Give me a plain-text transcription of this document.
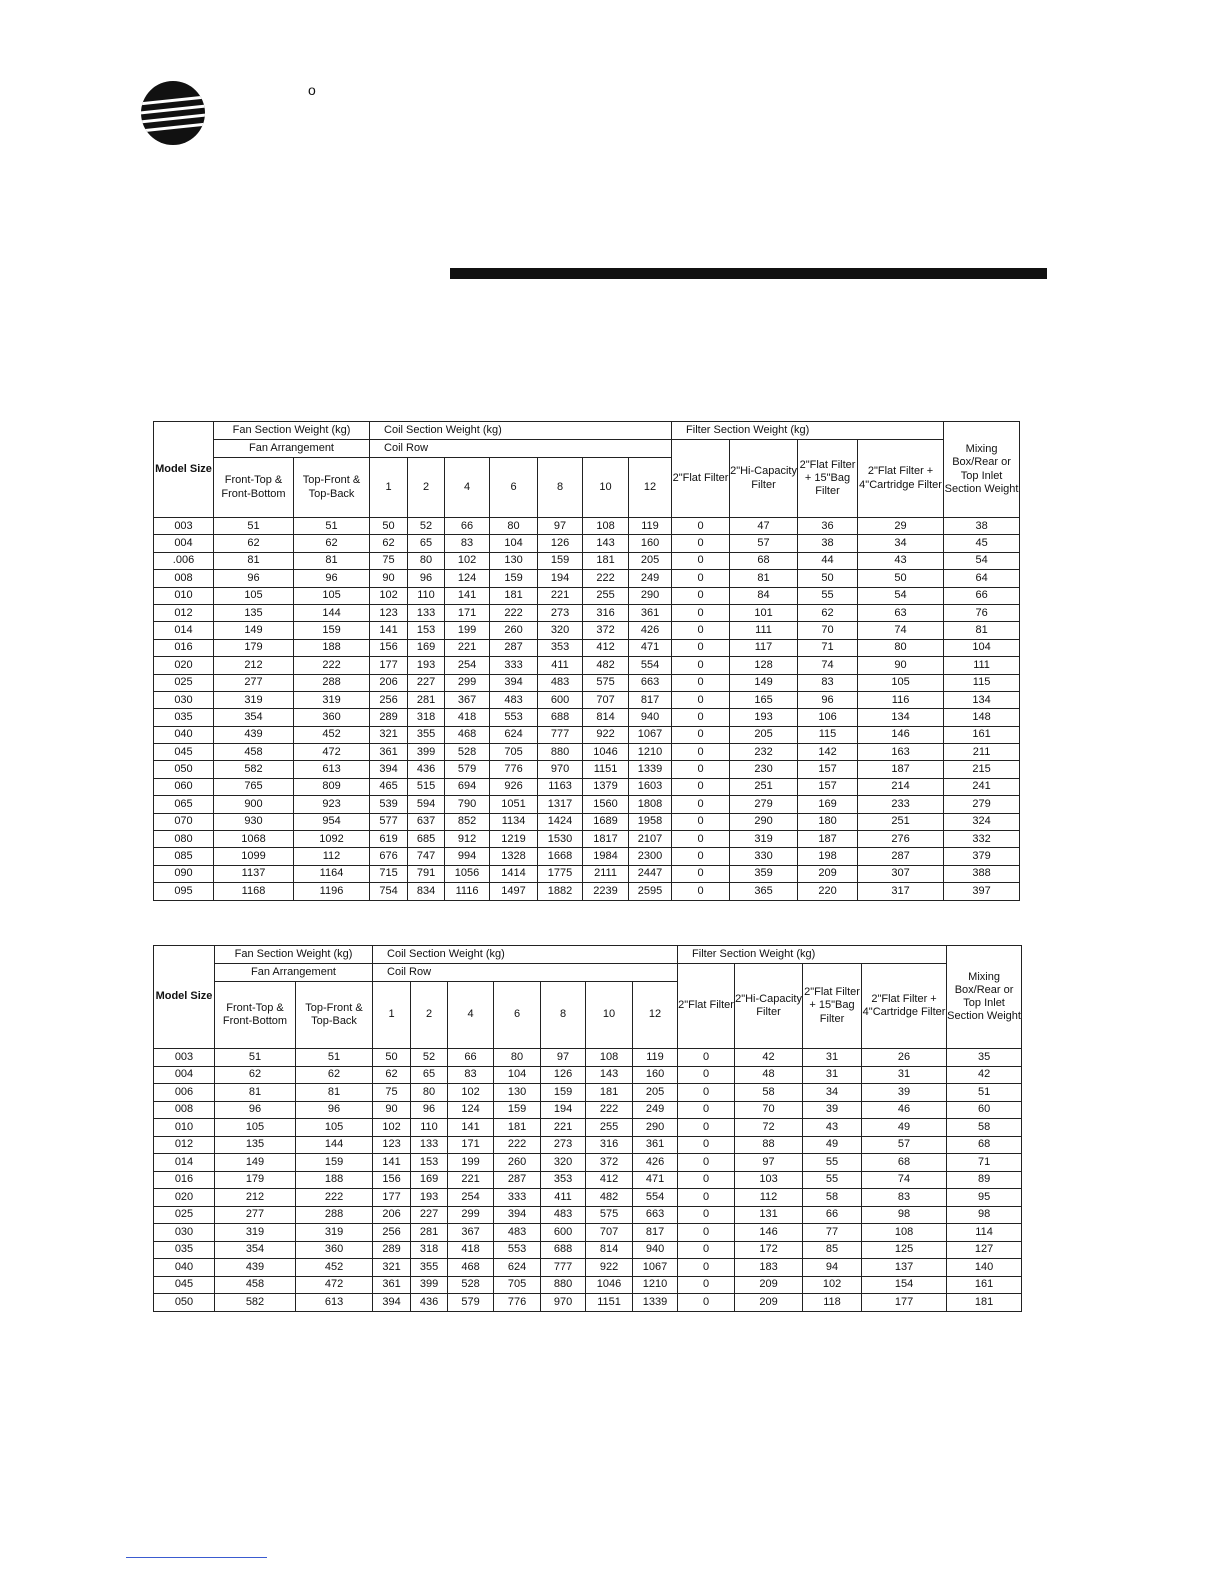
o
Model Size	Fan Section Weight (kg)		Coil Section Weight (kg)							Filter Section Weight (kg)				Mixing Box/Rear or Top Inlet Section Weight
	Fan Arrangement		Coil Row							2"Flat Filter	2"Hi-Capacity Filter	2"Flat Filter + 15"Bag Filter	2"Flat Filter + 4"Cartridge Filter	
	Front-Top & Front-Bottom	Top-Front & Top-Back	1	2	4	6	8	10	12					
003	51	51	50	52	66	80	97	108	119	0	47	36	29	38
004	62	62	62	65	83	104	126	143	160	0	57	38	34	45
.006	81	81	75	80	102	130	159	181	205	0	68	44	43	54
008	96	96	90	96	124	159	194	222	249	0	81	50	50	64
010	105	105	102	110	141	181	221	255	290	0	84	55	54	66
012	135	144	123	133	171	222	273	316	361	0	101	62	63	76
014	149	159	141	153	199	260	320	372	426	0	111	70	74	81
016	179	188	156	169	221	287	353	412	471	0	117	71	80	104
020	212	222	177	193	254	333	411	482	554	0	128	74	90	111
025	277	288	206	227	299	394	483	575	663	0	149	83	105	115
030	319	319	256	281	367	483	600	707	817	0	165	96	116	134
035	354	360	289	318	418	553	688	814	940	0	193	106	134	148
040	439	452	321	355	468	624	777	922	1067	0	205	115	146	161
045	458	472	361	399	528	705	880	1046	1210	0	232	142	163	211
050	582	613	394	436	579	776	970	1151	1339	0	230	157	187	215
060	765	809	465	515	694	926	1163	1379	1603	0	251	157	214	241
065	900	923	539	594	790	1051	1317	1560	1808	0	279	169	233	279
070	930	954	577	637	852	1134	1424	1689	1958	0	290	180	251	324
080	1068	1092	619	685	912	1219	1530	1817	2107	0	319	187	276	332
085	1099	112	676	747	994	1328	1668	1984	2300	0	330	198	287	379
090	1137	1164	715	791	1056	1414	1775	2111	2447	0	359	209	307	388
095	1168	1196	754	834	1116	1497	1882	2239	2595	0	365	220	317	397
Model Size	Fan Section Weight (kg)		Coil Section Weight (kg)							Filter Section Weight (kg)				Mixing Box/Rear or Top Inlet Section Weight
	Fan Arrangement		Coil Row							2"Flat Filter	2"Hi-Capacity Filter	2"Flat Filter + 15"Bag Filter	2"Flat Filter + 4"Cartridge Filter	
	Front-Top & Front-Bottom	Top-Front & Top-Back	1	2	4	6	8	10	12					
003	51	51	50	52	66	80	97	108	119	0	42	31	26	35
004	62	62	62	65	83	104	126	143	160	0	48	31	31	42
006	81	81	75	80	102	130	159	181	205	0	58	34	39	51
008	96	96	90	96	124	159	194	222	249	0	70	39	46	60
010	105	105	102	110	141	181	221	255	290	0	72	43	49	58
012	135	144	123	133	171	222	273	316	361	0	88	49	57	68
014	149	159	141	153	199	260	320	372	426	0	97	55	68	71
016	179	188	156	169	221	287	353	412	471	0	103	55	74	89
020	212	222	177	193	254	333	411	482	554	0	112	58	83	95
025	277	288	206	227	299	394	483	575	663	0	131	66	98	98
030	319	319	256	281	367	483	600	707	817	0	146	77	108	114
035	354	360	289	318	418	553	688	814	940	0	172	85	125	127
040	439	452	321	355	468	624	777	922	1067	0	183	94	137	140
045	458	472	361	399	528	705	880	1046	1210	0	209	102	154	161
050	582	613	394	436	579	776	970	1151	1339	0	209	118	177	181
